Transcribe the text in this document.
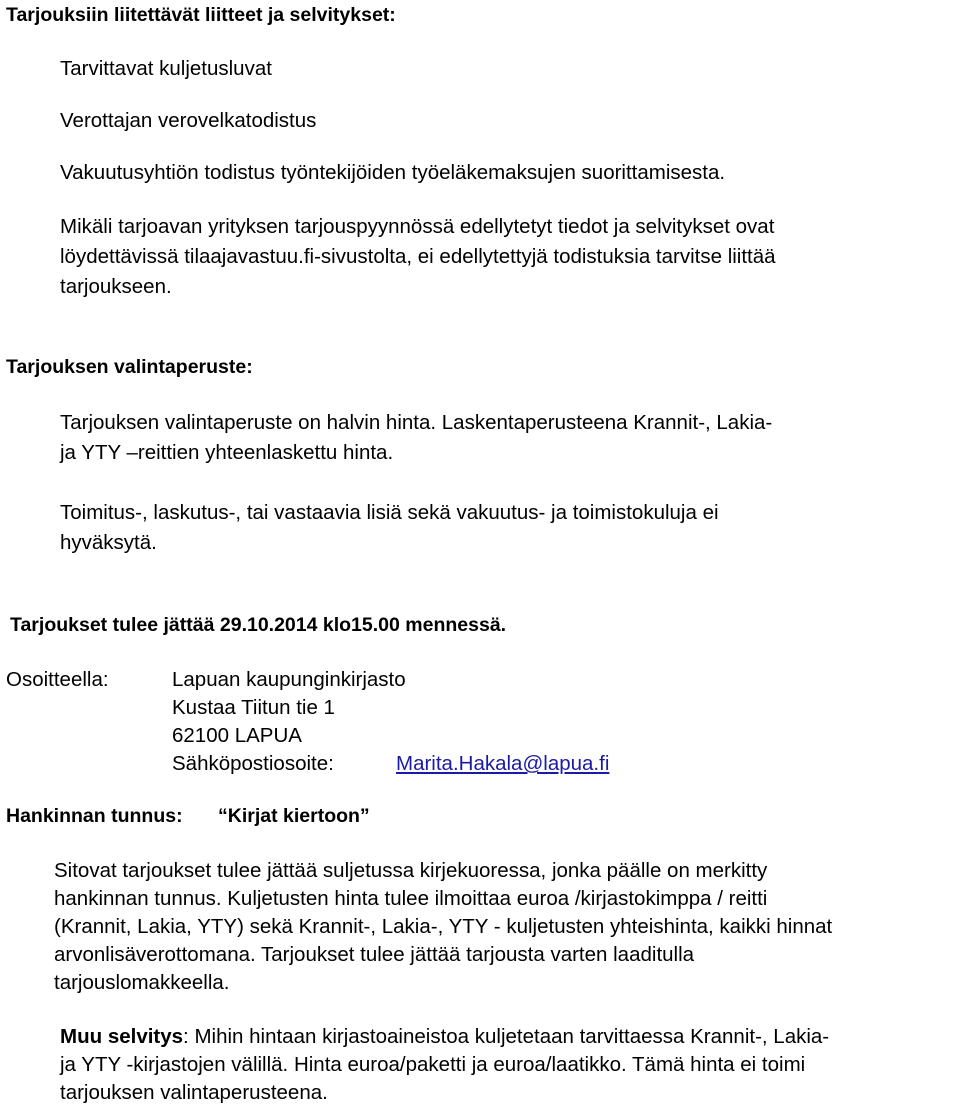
Tarjouksiin liitettävät liitteet ja selvitykset:
Tarvittavat kuljetusluvat
Verottajan verovelkatodistus
Vakuutusyhtiön todistus työntekijöiden työeläkemaksujen suorittamisesta.
Mikäli tarjoavan yrityksen tarjouspyynnössä edellytetyt tiedot ja selvitykset ovat
löydettävissä tilaajavastuu.fi-sivustolta, ei edellytettyjä todistuksia tarvitse liittää
tarjoukseen.
Tarjouksen valintaperuste:
Tarjouksen valintaperuste on halvin hinta. Laskentaperusteena Krannit-, Lakia-
ja YTY –reittien yhteenlaskettu hinta.
Toimitus-, laskutus-, tai vastaavia lisiä sekä vakuutus- ja toimistokuluja ei
hyväksytä.
Tarjoukset tulee jättää 29.10.2014 klo15.00 mennessä.
Osoitteella:	Lapuan kaupunginkirjasto
Kustaa Tiitun tie 1
62100 LAPUA
Sähköpostiosoite:	Marita.Hakala@lapua.fi
Hankinnan tunnus: “Kirjat kiertoon”
Sitovat tarjoukset tulee jättää suljetussa kirjekuoressa, jonka päälle on merkitty
hankinnan tunnus. Kuljetusten hinta tulee ilmoittaa euroa /kirjastokimppa / reitti
(Krannit, Lakia, YTY) sekä Krannit-, Lakia-, YTY - kuljetusten yhteishinta, kaikki hinnat
arvonlisäverottomana. Tarjoukset tulee jättää tarjousta varten laaditulla
tarjouslomakkeella.
Muu selvitys: Mihin hintaan kirjastoaineistoa kuljetetaan tarvittaessa Krannit-, Lakia-
ja YTY -kirjastojen välillä. Hinta euroa/paketti ja euroa/laatikko. Tämä hinta ei toimi
tarjouksen valintaperusteena.
